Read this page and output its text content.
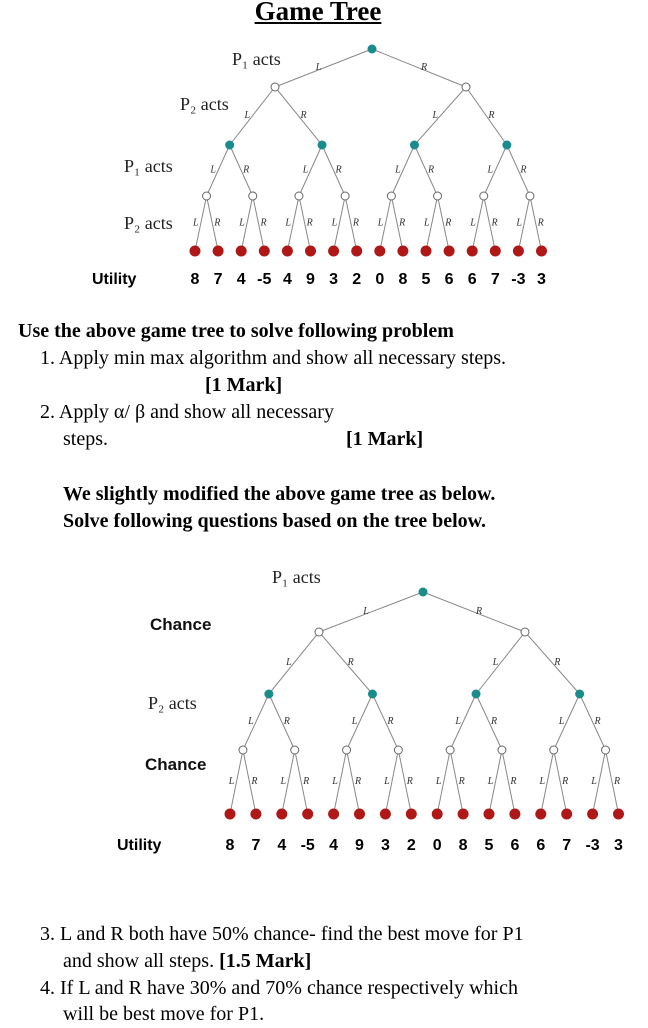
Game Tree
L	R
L	R	L	R
L	R	L	R	L	R	L	R
L R L R L R L R L R L R L R L R
P₁ acts
P₂ acts
P₁ acts
P₂ acts
Utility	8 7 4 -5 4 9 3 2 0 8 5 6 6 7 -3 3
Use the above game tree to solve following problem
1. Apply min max algorithm and show all necessary steps.
[1 Mark]
2. Apply α/ β and show all necessary
steps.	[1 Mark]
We slightly modified the above game tree as below.
Solve following questions based on the tree below.
L	R
L	R	L	R
L	R	L	R	L	R	L	R
L R L R L R L R L R L R L R L R
P₁ acts
Chance
P₂ acts
Chance
Utility	8 7 4 -5 4 9 3 2 0 8 5 6 6 7 -3 3
3. L and R both have 50% chance- find the best move for P1
and show all steps. [1.5 Mark]
4. If L and R have 30% and 70% chance respectively which
will be best move for P1.
